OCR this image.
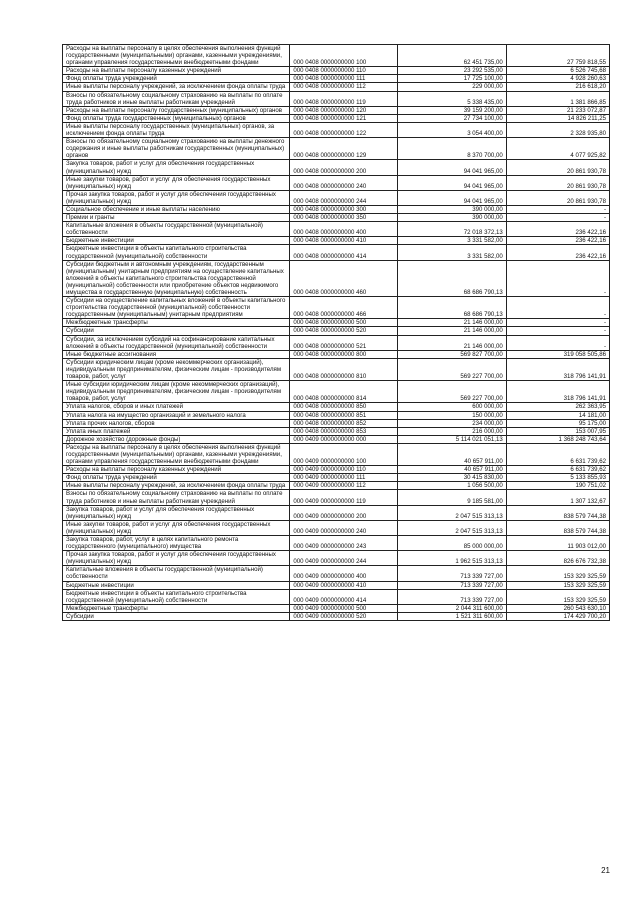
Расходы на выплаты персоналу в целях обеспечения выполнения функций государственными (муниципальными) органами, казенными учреждениями, органами управления государственными внебюджетными фондами	000 0408 0000000000 100	62 451 735,00	27 759 818,55
Расходы на выплаты персоналу казенных учреждений	000 0408 0000000000 110	23 292 535,00	6 526 745,68
Фонд оплаты труда учреждений	000 0408 0000000000 111	17 725 100,00	4 928 260,63
Иные выплаты персоналу учреждений, за исключением фонда оплаты труда	000 0408 0000000000 112	229 000,00	216 618,20
Взносы по обязательному социальному страхованию на выплаты по оплате труда работников и иные выплаты работникам учреждений	000 0408 0000000000 119	5 338 435,00	1 381 866,85
Расходы на выплаты персоналу государственных (муниципальных) органов	000 0408 0000000000 120	39 159 200,00	21 233 072,87
Фонд оплаты труда государственных (муниципальных) органов	000 0408 0000000000 121	27 734 100,00	14 826 211,25
Иные выплаты персоналу государственных (муниципальных) органов, за исключением фонда оплаты труда	000 0408 0000000000 122	3 054 400,00	2 328 935,80
Взносы по обязательному социальному страхованию на выплаты денежного содержания и иные выплаты работникам государственных (муниципальных) органов	000 0408 0000000000 129	8 370 700,00	4 077 925,82
Закупка товаров, работ и услуг для обеспечения государственных (муниципальных) нужд	000 0408 0000000000 200	94 041 965,00	20 861 930,78
Иные закупки товаров, работ и услуг для обеспечения государственных (муниципальных) нужд	000 0408 0000000000 240	94 041 965,00	20 861 930,78
Прочая закупка товаров, работ и услуг для обеспечения государственных (муниципальных) нужд	000 0408 0000000000 244	94 041 965,00	20 861 930,78
Социальное обеспечение и иные выплаты населению	000 0408 0000000000 300	390 000,00	-
Премии и гранты	000 0408 0000000000 350	390 000,00	-
Капитальные вложения в объекты государственной (муниципальной) собственности	000 0408 0000000000 400	72 018 372,13	236 422,16
Бюджетные инвестиции	000 0408 0000000000 410	3 331 582,00	236 422,16
Бюджетные инвестиции в объекты капитального строительства государственной (муниципальной) собственности	000 0408 0000000000 414	3 331 582,00	236 422,16
Субсидии бюджетным и автономным учреждениям, государственным (муниципальным) унитарным предприятиям на осуществление капитальных вложений в объекты капитального строительства государственной (муниципальной) собственности или приобретение объектов недвижимого имущества в государственную (муниципальную) собственность	000 0408 0000000000 460	68 686 790,13	-
Субсидии на осуществление капитальных вложений в объекты капитального строительства государственной (муниципальной) собственности государственным (муниципальным) унитарным предприятиям	000 0408 0000000000 466	68 686 790,13	-
Межбюджетные трансферты	000 0408 0000000000 500	21 146 000,00	-
Субсидии	000 0408 0000000000 520	21 146 000,00	-
Субсидии, за исключением субсидий на софинансирование капитальных вложений в объекты государственной (муниципальной) собственности	000 0408 0000000000 521	21 146 000,00	-
Иные бюджетные ассигнования	000 0408 0000000000 800	569 827 700,00	319 058 505,86
Субсидии юридическим лицам (кроме некоммерческих организаций), индивидуальным предпринимателям, физическим лицам - производителям товаров, работ, услуг	000 0408 0000000000 810	569 227 700,00	318 796 141,91
Иные субсидии юридическим лицам (кроме некоммерческих организаций), индивидуальным предпринимателям, физическим лицам - производителям товаров, работ, услуг	000 0408 0000000000 814	569 227 700,00	318 796 141,91
Уплата налогов, сборов и иных платежей	000 0408 0000000000 850	600 000,00	262 363,95
Уплата налога на имущество организаций и земельного налога	000 0408 0000000000 851	150 000,00	14 181,00
Уплата прочих налогов, сборов	000 0408 0000000000 852	234 000,00	95 175,00
Уплата иных платежей	000 0408 0000000000 853	216 000,00	153 007,95
Дорожное хозяйство (дорожные фонды)	000 0409 0000000000 000	5 114 021 051,13	1 368 248 743,64
Расходы на выплаты персоналу в целях обеспечения выполнения функций государственными (муниципальными) органами, казенными учреждениями, органами управления государственными внебюджетными фондами	000 0409 0000000000 100	40 657 911,00	6 631 739,62
Расходы на выплаты персоналу казенных учреждений	000 0409 0000000000 110	40 657 911,00	6 631 739,62
Фонд оплаты труда учреждений	000 0409 0000000000 111	30 415 830,00	5 133 855,93
Иные выплаты персоналу учреждений, за исключением фонда оплаты труда	000 0409 0000000000 112	1 056 500,00	190 751,02
Взносы по обязательному социальному страхованию на выплаты по оплате труда работников и иные выплаты работникам учреждений	000 0409 0000000000 119	9 185 581,00	1 307 132,67
Закупка товаров, работ и услуг для обеспечения государственных (муниципальных) нужд	000 0409 0000000000 200	2 047 515 313,13	838 579 744,38
Иные закупки товаров, работ и услуг для обеспечения государственных (муниципальных) нужд	000 0409 0000000000 240	2 047 515 313,13	838 579 744,38
Закупка товаров, работ, услуг в целях капитального ремонта государственного (муниципального) имущества	000 0409 0000000000 243	85 000 000,00	11 903 012,00
Прочая закупка товаров, работ и услуг для обеспечения государственных (муниципальных) нужд	000 0409 0000000000 244	1 962 515 313,13	826 676 732,38
Капитальные вложения в объекты государственной (муниципальной) собственности	000 0409 0000000000 400	713 339 727,00	153 329 325,59
Бюджетные инвестиции	000 0409 0000000000 410	713 339 727,00	153 329 325,59
Бюджетные инвестиции в объекты капитального строительства государственной (муниципальной) собственности	000 0409 0000000000 414	713 339 727,00	153 329 325,59
Межбюджетные трансферты	000 0409 0000000000 500	2 044 311 600,00	260 543 630,10
Субсидии	000 0409 0000000000 520	1 521 311 600,00	174 429 700,20
21
